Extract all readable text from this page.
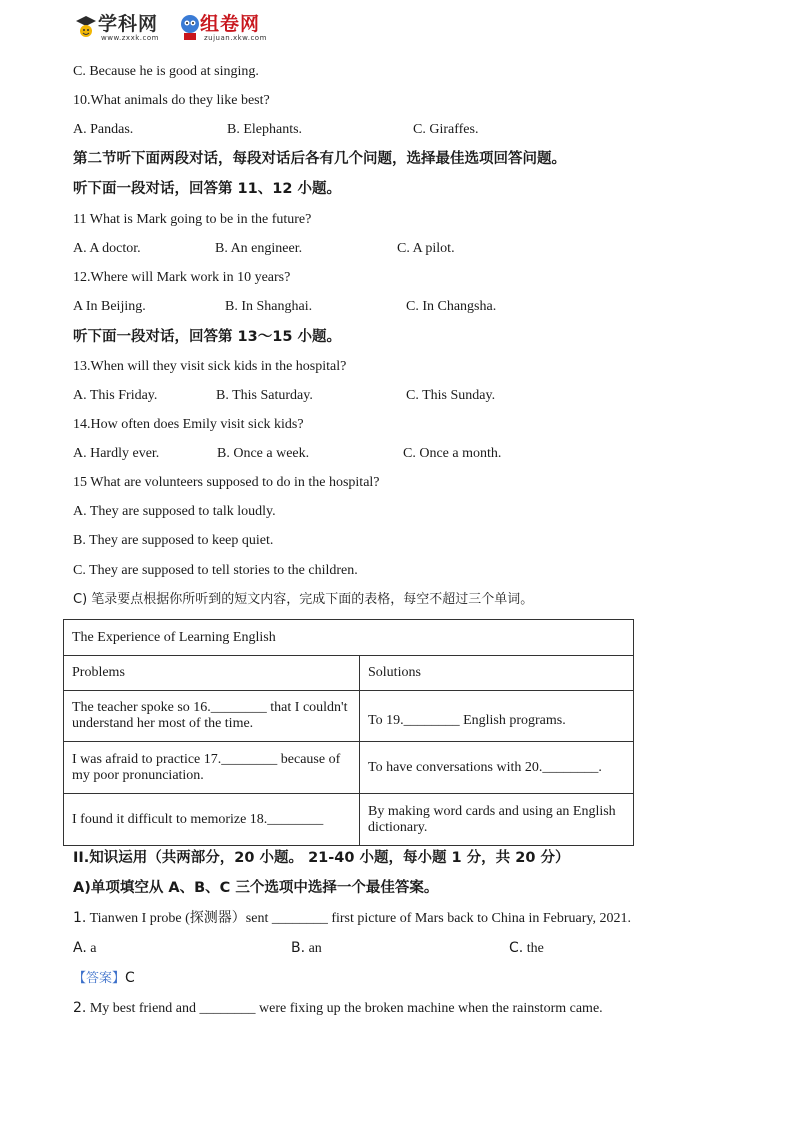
学科网
www.zxxk.com
组卷网
zujuan.xkw.com
C. Because he is good at singing.
10.What animals do they like best?
A. Pandas.	B. Elephants.	C. Giraffes.
第二节听下面两段对话，每段对话后各有几个问题，选择最佳选项回答问题。
听下面一段对话，回答第 11、12 小题。
11 What is Mark going to be in the future?
A. A doctor.	B. An engineer.	C. A pilot.
12.Where will Mark work in 10 years?
A In Beijing.	B. In Shanghai.	C. In Changsha.
听下面一段对话，回答第 13～15 小题。
13.When will they visit sick kids in the hospital?
A. This Friday.	B. This Saturday.	C. This Sunday.
14.How often does Emily visit sick kids?
A. Hardly ever.	B. Once a week.	C. Once a month.
15 What are volunteers supposed to do in the hospital?
A. They are supposed to talk loudly.
B. They are supposed to keep quiet.
C. They are supposed to tell stories to the children.
C) 笔录要点根据你所听到的短文内容，完成下面的表格，每空不超过三个单词。
The Experience of Learning English	
Problems	Solutions
The teacher spoke so 16.________ that I couldn't understand her most of the time.	To 19.________ English programs.
I was afraid to practice 17.________ because of my poor pronunciation.	To have conversations with 20.________.
I found it difficult to memorize 18.________	By making word cards and using an English dictionary.
II.知识运用（共两部分，20 小题。 21-40 小题，每小题 1 分，共 20 分）
A)单项填空从 A、B、C 三个选项中选择一个最佳答案。
1. Tianwen I probe (探测器）sent ________ first picture of Mars back to China in February, 2021.
A. a	B. an	C. the
【答案】C
2. My best friend and ________ were fixing up the broken machine when the rainstorm came.
